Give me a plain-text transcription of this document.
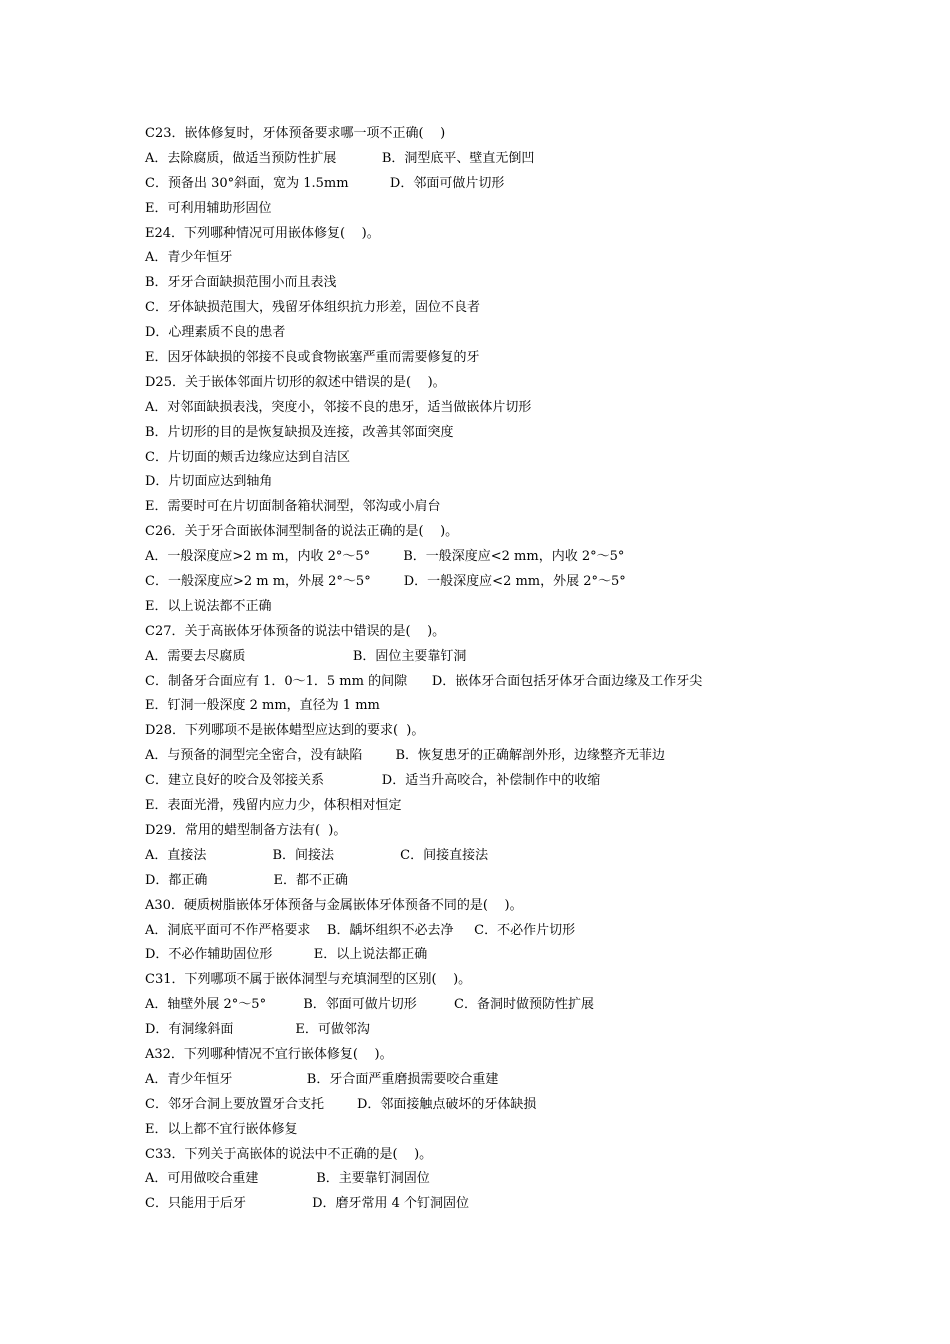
C23．嵌体修复时，牙体预备要求哪一项不正确(    )
A．去除腐质，做适当预防性扩展           B．洞型底平、壁直无倒凹
C．预备出 30°斜面，宽为 1.5mm          D．邻面可做片切形
E．可利用辅助形固位
E24．下列哪种情况可用嵌体修复(    )。
A．青少年恒牙
B．牙牙合面缺损范围小而且表浅
C．牙体缺损范围大，残留牙体组织抗力形差，固位不良者
D．心理素质不良的患者
E．因牙体缺损的邻接不良或食物嵌塞严重而需要修复的牙
D25．关于嵌体邻面片切形的叙述中错误的是(    )。
A．对邻面缺损表浅，突度小，邻接不良的患牙，适当做嵌体片切形
B．片切形的目的是恢复缺损及连接，改善其邻面突度
C．片切面的颊舌边缘应达到自洁区
D．片切面应达到轴角
E．需要时可在片切面制备箱状洞型，邻沟或小肩台
C26．关于牙合面嵌体洞型制备的说法正确的是(    )。
A．一般深度应>2 m m，内收 2°～5°        B．一般深度应<2 mm，内收 2°～5°
C．一般深度应>2 m m，外展 2°～5°        D．一般深度应<2 mm，外展 2°～5°
E．以上说法都不正确
C27．关于高嵌体牙体预备的说法中错误的是(    )。
A．需要去尽腐质                          B．固位主要靠钉洞
C．制备牙合面应有 1．0～1．5 mm 的间隙      D．嵌体牙合面包括牙体牙合面边缘及工作牙尖
E．钉洞一般深度 2 mm，直径为 1 mm
D28．下列哪项不是嵌体蜡型应达到的要求(  )。
A．与预备的洞型完全密合，没有缺陷        B．恢复患牙的正确解剖外形，边缘整齐无菲边
C．建立良好的咬合及邻接关系              D．适当升高咬合，补偿制作中的收缩
E．表面光滑，残留内应力少，体积相对恒定
D29．常用的蜡型制备方法有(  )。
A．直接法                B．间接法                C．间接直接法
D．都正确                E．都不正确
A30．硬质树脂嵌体牙体预备与金属嵌体牙体预备不同的是(    )。
A．洞底平面可不作严格要求    B．龋坏组织不必去净     C．不必作片切形
D．不必作辅助固位形          E．以上说法都正确
C31．下列哪项不属于嵌体洞型与充填洞型的区别(    )。
A．轴壁外展 2°～5°         B．邻面可做片切形         C．备洞时做预防性扩展
D．有洞缘斜面               E．可做邻沟
A32．下列哪种情况不宜行嵌体修复(    )。
A．青少年恒牙                  B．牙合面严重磨损需要咬合重建
C．邻牙合洞上要放置牙合支托        D．邻面接触点破坏的牙体缺损
E．以上都不宜行嵌体修复
C33．下列关于高嵌体的说法中不正确的是(    )。
A．可用做咬合重建              B．主要靠钉洞固位
C．只能用于后牙                D．磨牙常用 4 个钉洞固位
